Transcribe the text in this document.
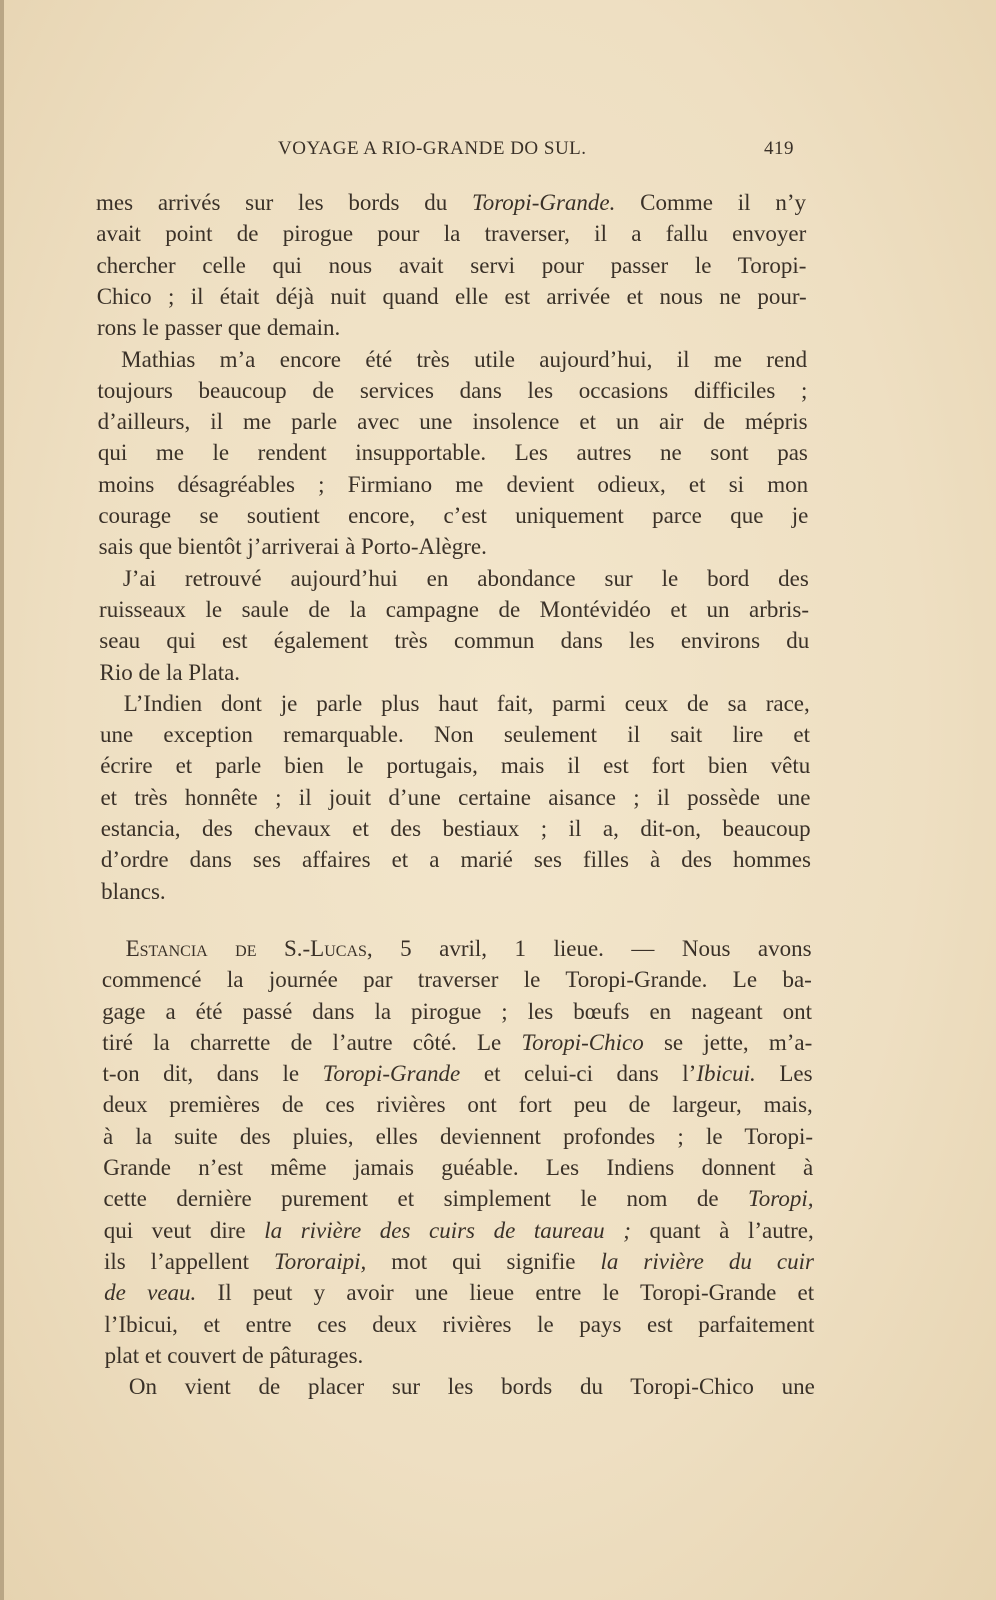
VOYAGE A RIO-GRANDE DO SUL.	419
mes arrivés sur les bords du Toropi-Grande. Comme il n’y
avait point de pirogue pour la traverser, il a fallu envoyer
chercher celle qui nous avait servi pour passer le Toropi-
Chico ; il était déjà nuit quand elle est arrivée et nous ne pour-
rons le passer que demain.
Mathias m’a encore été très utile aujourd’hui, il me rend
toujours beaucoup de services dans les occasions difficiles ;
d’ailleurs, il me parle avec une insolence et un air de mépris
qui me le rendent insupportable. Les autres ne sont pas
moins désagréables ; Firmiano me devient odieux, et si mon
courage se soutient encore, c’est uniquement parce que je
sais que bientôt j’arriverai à Porto-Alègre.
J’ai retrouvé aujourd’hui en abondance sur le bord des
ruisseaux le saule de la campagne de Montévidéo et un arbris-
seau qui est également très commun dans les environs du
Rio de la Plata.
L’Indien dont je parle plus haut fait, parmi ceux de sa race,
une exception remarquable. Non seulement il sait lire et
écrire et parle bien le portugais, mais il est fort bien vêtu
et très honnête ; il jouit d’une certaine aisance ; il possède une
estancia, des chevaux et des bestiaux ; il a, dit-on, beaucoup
d’ordre dans ses affaires et a marié ses filles à des hommes
blancs.
Estancia de S.-Lucas, 5 avril, 1 lieue. — Nous avons
commencé la journée par traverser le Toropi-Grande. Le ba-
gage a été passé dans la pirogue ; les bœufs en nageant ont
tiré la charrette de l’autre côté. Le Toropi-Chico se jette, m’a-
t-on dit, dans le Toropi-Grande et celui-ci dans l’Ibicui. Les
deux premières de ces rivières ont fort peu de largeur, mais,
à la suite des pluies, elles deviennent profondes ; le Toropi-
Grande n’est même jamais guéable. Les Indiens donnent à
cette dernière purement et simplement le nom de Toropi,
qui veut dire la rivière des cuirs de taureau ; quant à l’autre,
ils l’appellent Tororaipi, mot qui signifie la rivière du cuir
de veau. Il peut y avoir une lieue entre le Toropi-Grande et
l’Ibicui, et entre ces deux rivières le pays est parfaitement
plat et couvert de pâturages.
On vient de placer sur les bords du Toropi-Chico une
